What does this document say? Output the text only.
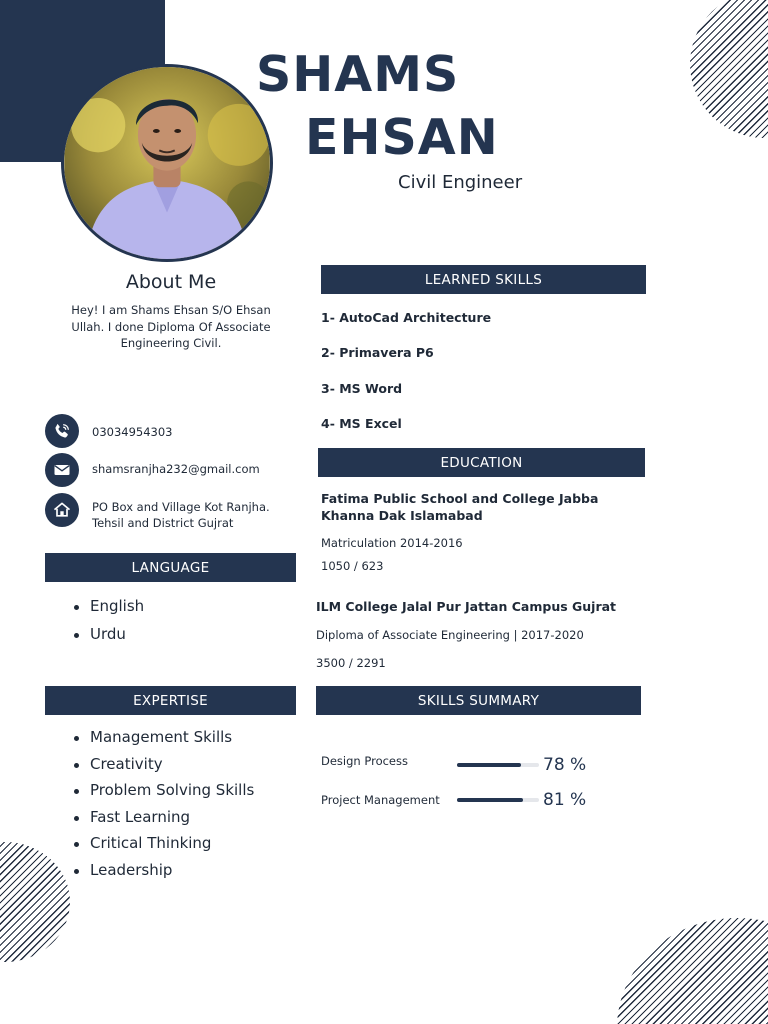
SHAMS
EHSAN
Civil Engineer
About Me
Hey! I am Shams Ehsan S/O Ehsan Ullah. I done Diploma Of Associate Engineering Civil.
03034954303
shamsranjha232@gmail.com
PO Box and Village Kot Ranjha. Tehsil and District Gujrat
LANGUAGE
English
Urdu
EXPERTISE
Management Skills
Creativity
Problem Solving Skills
Fast Learning
Critical Thinking
Leadership
LEARNED SKILLS
1- AutoCad Architecture
2- Primavera P6
3- MS Word
4- MS Excel
EDUCATION
Fatima Public School and College Jabba Khanna Dak Islamabad
Matriculation 2014-2016
1050 / 623
ILM College Jalal Pur Jattan Campus Gujrat
Diploma of Associate Engineering | 2017-2020
3500 / 2291
SKILLS SUMMARY
Design Process	78 %
Project Management	81 %
